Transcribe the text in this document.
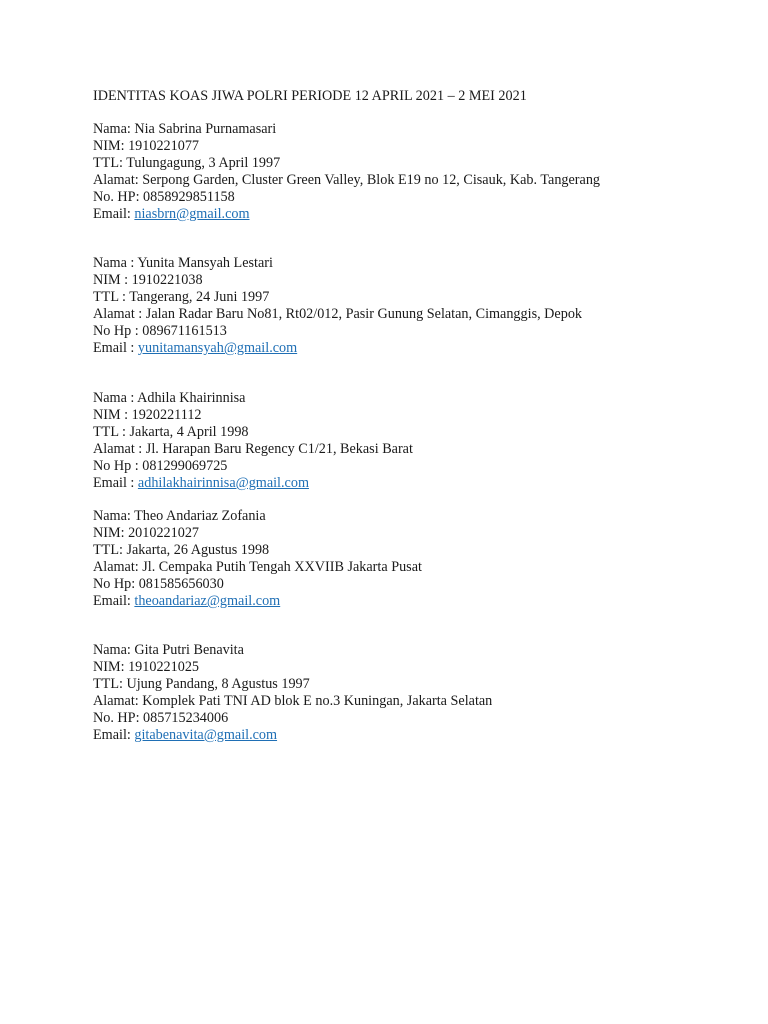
IDENTITAS KOAS JIWA POLRI PERIODE 12 APRIL 2021 – 2 MEI 2021
Nama: Nia Sabrina Purnamasari
NIM: 1910221077
TTL: Tulungagung, 3 April 1997
Alamat: Serpong Garden, Cluster Green Valley, Blok E19 no 12, Cisauk, Kab. Tangerang
No. HP: 0858929851158
Email: niasbrn@gmail.com
Nama : Yunita Mansyah Lestari
NIM : 1910221038
TTL : Tangerang, 24 Juni 1997
Alamat : Jalan Radar Baru No81, Rt02/012, Pasir Gunung Selatan, Cimanggis, Depok
No Hp : 089671161513
Email : yunitamansyah@gmail.com
Nama : Adhila Khairinnisa
NIM : 1920221112
TTL : Jakarta, 4 April 1998
Alamat : Jl. Harapan Baru Regency C1/21, Bekasi Barat
No Hp : 081299069725
Email : adhilakhairinnisa@gmail.com
Nama: Theo Andariaz Zofania
NIM: 2010221027
TTL: Jakarta, 26 Agustus 1998
Alamat: Jl. Cempaka Putih Tengah XXVIIB Jakarta Pusat
No Hp: 081585656030
Email: theoandariaz@gmail.com
Nama: Gita Putri Benavita
NIM: 1910221025
TTL: Ujung Pandang, 8 Agustus 1997
Alamat: Komplek Pati TNI AD blok E no.3 Kuningan, Jakarta Selatan
No. HP: 085715234006
Email: gitabenavita@gmail.com
